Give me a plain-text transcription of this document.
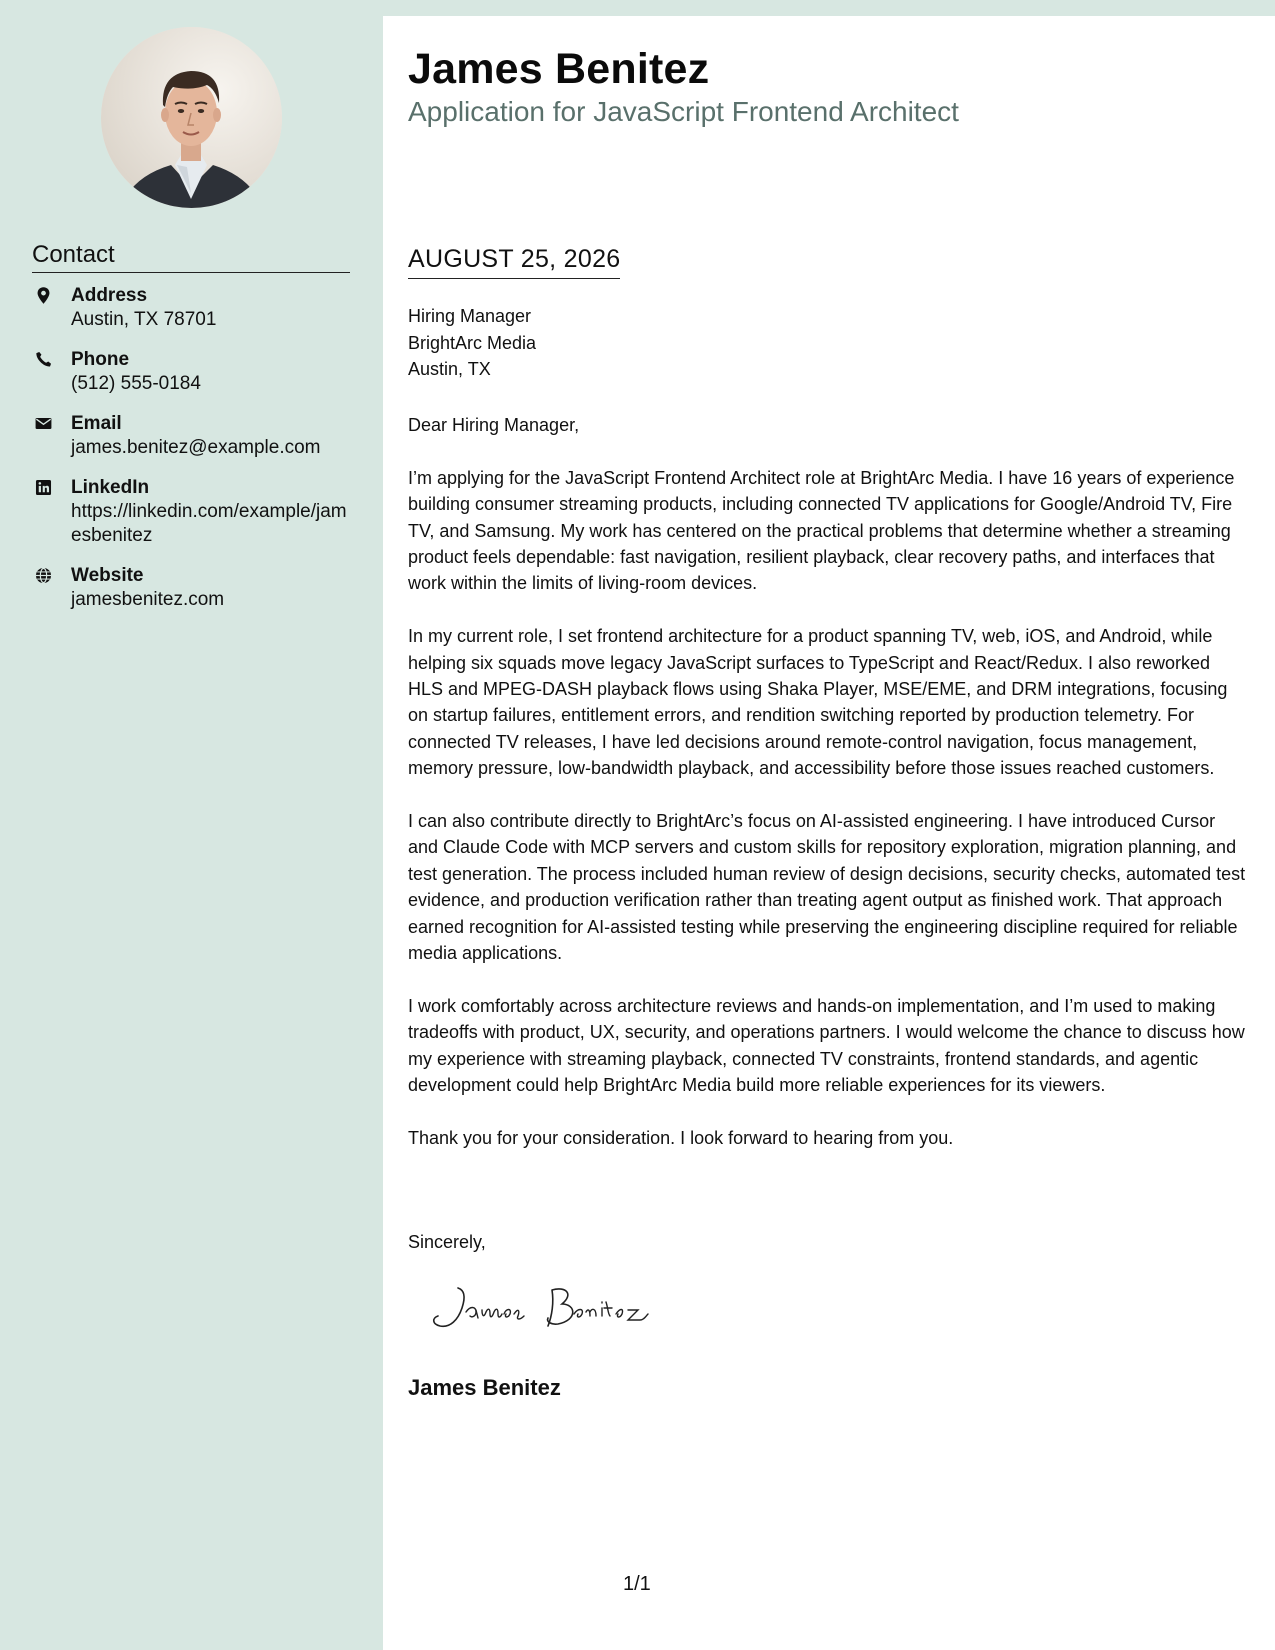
Contact
Address
Austin, TX 78701
Phone
(512) 555-0184
Email
james.benitez@example.com
LinkedIn
https://linkedin.com/example/jamesbenitez
Website
jamesbenitez.com
James Benitez
Application for JavaScript Frontend Architect
AUGUST 25, 2026
Hiring Manager
BrightArc Media
Austin, TX

Dear Hiring Manager,

I’m applying for the JavaScript Frontend Architect role at BrightArc Media. I have 16 years of experience building consumer streaming products, including connected TV applications for Google/Android TV, Fire TV, and Samsung. My work has centered on the practical problems that determine whether a streaming product feels dependable: fast navigation, resilient playback, clear recovery paths, and interfaces that work within the limits of living-room devices.

In my current role, I set frontend architecture for a product spanning TV, web, iOS, and Android, while helping six squads move legacy JavaScript surfaces to TypeScript and React/Redux. I also reworked HLS and MPEG-DASH playback flows using Shaka Player, MSE/EME, and DRM integrations, focusing on startup failures, entitlement errors, and rendition switching reported by production telemetry. For connected TV releases, I have led decisions around remote-control navigation, focus management, memory pressure, low-bandwidth playback, and accessibility before those issues reached customers.

I can also contribute directly to BrightArc’s focus on AI-assisted engineering. I have introduced Cursor and Claude Code with MCP servers and custom skills for repository exploration, migration planning, and test generation. The process included human review of design decisions, security checks, automated test evidence, and production verification rather than treating agent output as finished work. That approach earned recognition for AI-assisted testing while preserving the engineering discipline required for reliable media applications.

I work comfortably across architecture reviews and hands-on implementation, and I’m used to making tradeoffs with product, UX, security, and operations partners. I would welcome the chance to discuss how my experience with streaming playback, connected TV constraints, frontend standards, and agentic development could help BrightArc Media build more reliable experiences for its viewers.

Thank you for your consideration. I look forward to hearing from you.

Sincerely,
James Benitez
1/1
